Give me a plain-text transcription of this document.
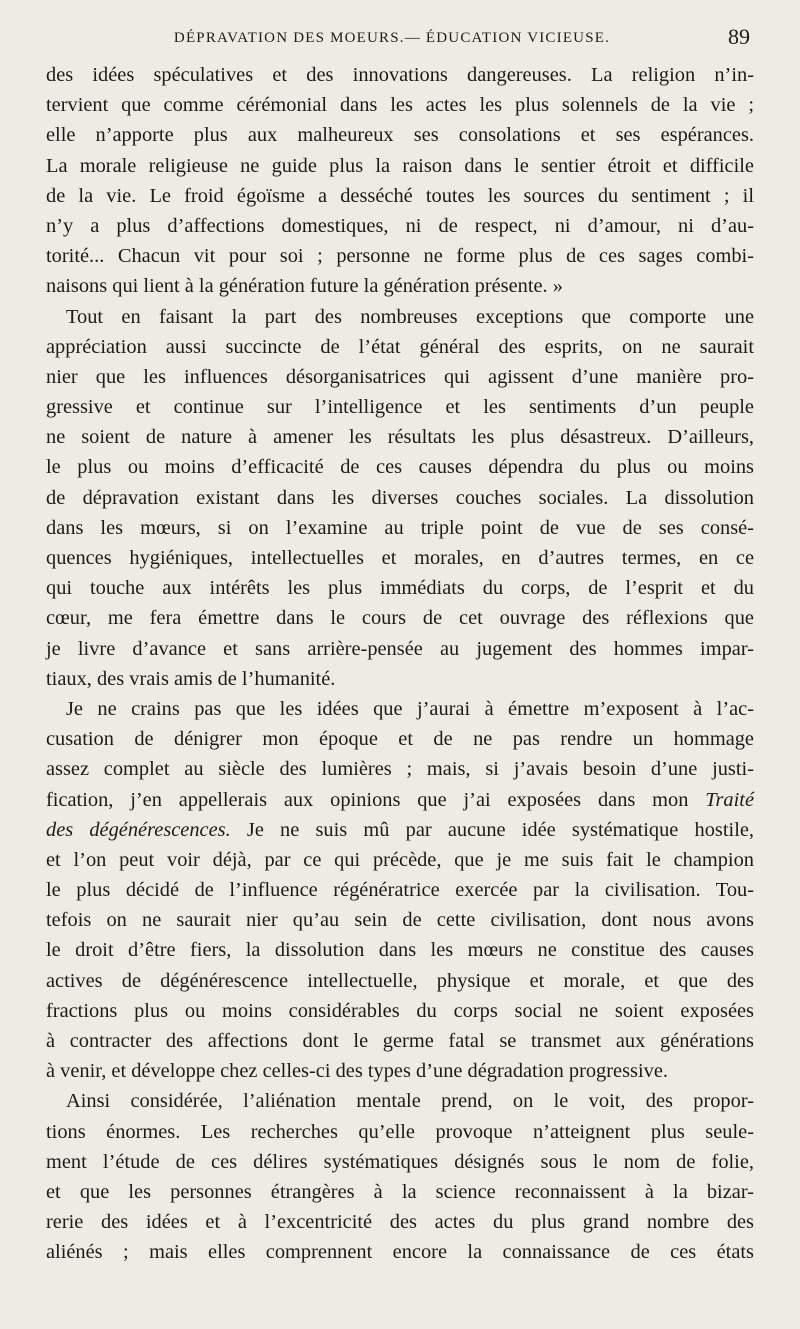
DÉPRAVATION DES MOEURS.— ÉDUCATION VICIEUSE.	89
des idées spéculatives et des innovations dangereuses. La religion n’in-
tervient que comme cérémonial dans les actes les plus solennels de la vie ;
elle n’apporte plus aux malheureux ses consolations et ses espérances.
La morale religieuse ne guide plus la raison dans le sentier étroit et difficile
de la vie. Le froid égoïsme a desséché toutes les sources du sentiment ; il
n’y a plus d’affections domestiques, ni de respect, ni d’amour, ni d’au-
torité... Chacun vit pour soi ; personne ne forme plus de ces sages combi-
naisons qui lient à la génération future la génération présente. »
Tout en faisant la part des nombreuses exceptions que comporte une
appréciation aussi succincte de l’état général des esprits, on ne saurait
nier que les influences désorganisatrices qui agissent d’une manière pro-
gressive et continue sur l’intelligence et les sentiments d’un peuple
ne soient de nature à amener les résultats les plus désastreux. D’ailleurs,
le plus ou moins d’efficacité de ces causes dépendra du plus ou moins
de dépravation existant dans les diverses couches sociales. La dissolution
dans les mœurs, si on l’examine au triple point de vue de ses consé-
quences hygiéniques, intellectuelles et morales, en d’autres termes, en ce
qui touche aux intérêts les plus immédiats du corps, de l’esprit et du
cœur, me fera émettre dans le cours de cet ouvrage des réflexions que
je livre d’avance et sans arrière-pensée au jugement des hommes impar-
tiaux, des vrais amis de l’humanité.
Je ne crains pas que les idées que j’aurai à émettre m’exposent à l’ac-
cusation de dénigrer mon époque et de ne pas rendre un hommage
assez complet au siècle des lumières ; mais, si j’avais besoin d’une justi-
fication, j’en appellerais aux opinions que j’ai exposées dans mon Traité
des dégénérescences. Je ne suis mû par aucune idée systématique hostile,
et l’on peut voir déjà, par ce qui précède, que je me suis fait le champion
le plus décidé de l’influence régénératrice exercée par la civilisation. Tou-
tefois on ne saurait nier qu’au sein de cette civilisation, dont nous avons
le droit d’être fiers, la dissolution dans les mœurs ne constitue des causes
actives de dégénérescence intellectuelle, physique et morale, et que des
fractions plus ou moins considérables du corps social ne soient exposées
à contracter des affections dont le germe fatal se transmet aux générations
à venir, et développe chez celles-ci des types d’une dégradation progressive.
Ainsi considérée, l’aliénation mentale prend, on le voit, des propor-
tions énormes. Les recherches qu’elle provoque n’atteignent plus seule-
ment l’étude de ces délires systématiques désignés sous le nom de folie,
et que les personnes étrangères à la science reconnaissent à la bizar-
rerie des idées et à l’excentricité des actes du plus grand nombre des
aliénés ; mais elles comprennent encore la connaissance de ces états
